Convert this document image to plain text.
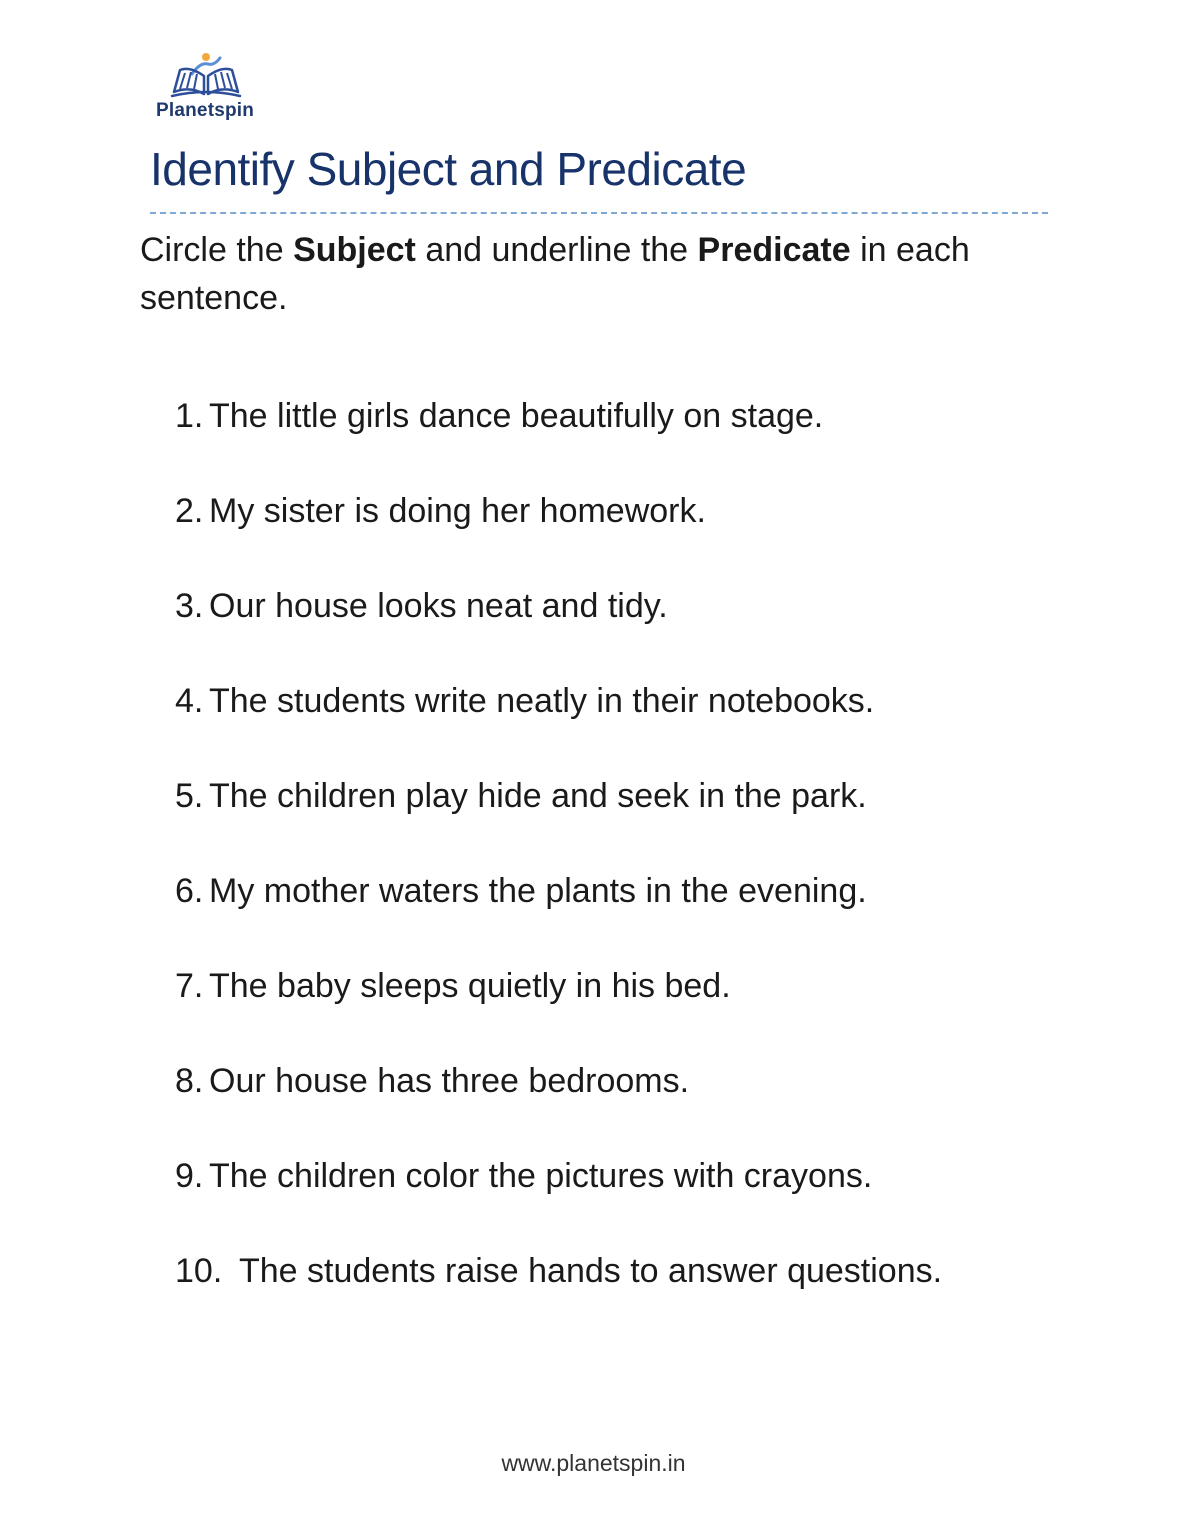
Planetspin
Identify Subject and Predicate
Circle the Subject and underline the Predicate in each sentence.
1. The little girls dance beautifully on stage.
2. My sister is doing her homework.
3. Our house looks neat and tidy.
4. The students write neatly in their notebooks.
5. The children play hide and seek in the park.
6. My mother waters the plants in the evening.
7. The baby sleeps quietly in his bed.
8. Our house has three bedrooms.
9. The children color the pictures with crayons.
10. The students raise hands to answer questions.
www.planetspin.in
